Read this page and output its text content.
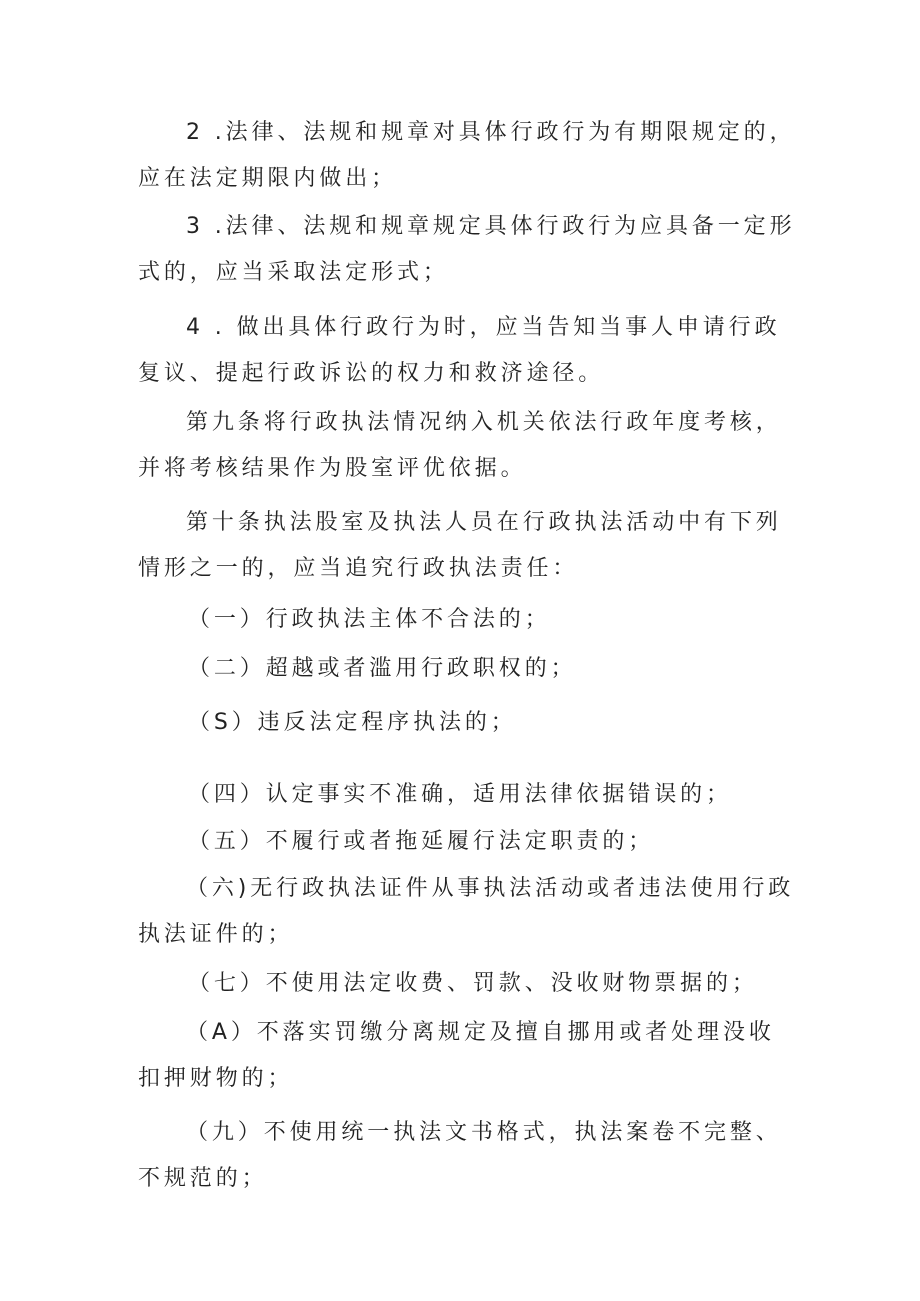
2 .法律、法规和规章对具体行政行为有期限规定的，应在法定期限内做出；

3 .法律、法规和规章规定具体行政行为应具备一定形式的，应当采取法定形式；

4 . 做出具体行政行为时，应当告知当事人申请行政复议、提起行政诉讼的权力和救济途径。

第九条将行政执法情况纳入机关依法行政年度考核，并将考核结果作为股室评优依据。

第十条执法股室及执法人员在行政执法活动中有下列情形之一的，应当追究行政执法责任：

（一）行政执法主体不合法的；

（二）超越或者滥用行政职权的；

（S）违反法定程序执法的；

（四）认定事实不准确，适用法律依据错误的；

（五）不履行或者拖延履行法定职责的；

（六)无行政执法证件从事执法活动或者违法使用行政执法证件的；

（七）不使用法定收费、罚款、没收财物票据的；

（A）不落实罚缴分离规定及擅自挪用或者处理没收扣押财物的；

（九）不使用统一执法文书格式，执法案卷不完整、不规范的；
